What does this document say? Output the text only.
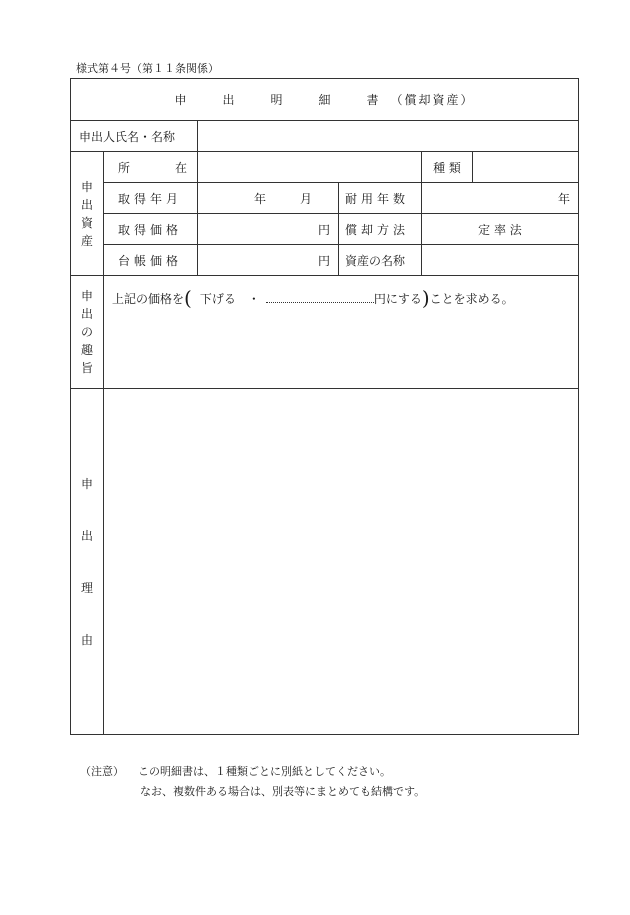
様式第４号（第１１条関係）
申　出　明　細　書（償却資産）					
申出人氏名・名称					

申
出
資
産	所　　在			種 類	
	取得年月	年 月	耐用年数	年	
	取得価格	円	償却方法	定 率 法	
	台帳価格	円	資産の名称		

申
出
の
趣
旨	上記の価格を( 下げる　・ 円にする)ことを求める。				

申
出
理
由					

（注意） この明細書は、１種類ごとに別紙としてください。
なお、複数件ある場合は、別表等にまとめても結構です。
